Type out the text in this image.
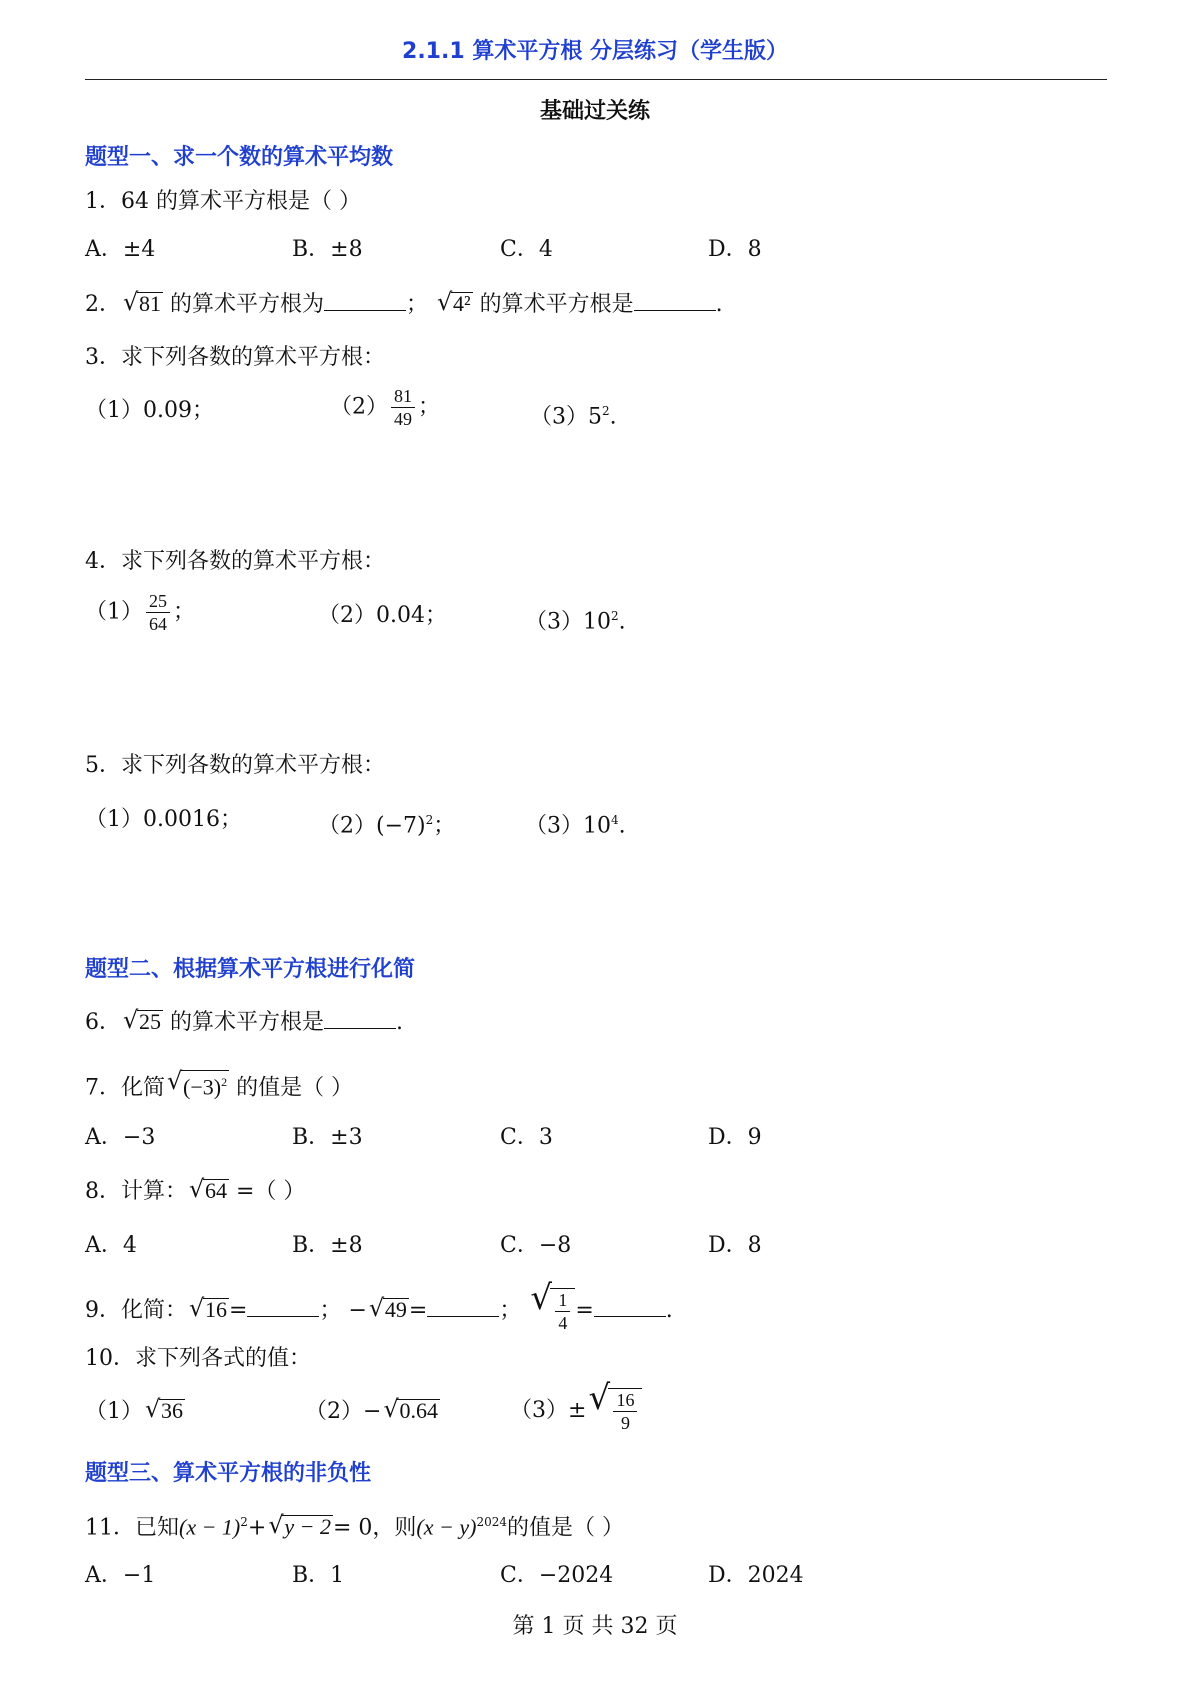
2.1.1 算术平方根 分层练习（学生版）
基础过关练
题型一、求一个数的算术平均数
1．64 的算术平方根是（ ）
A．±4	B．±8	C．4	D．8
2． √ 81 的算术平方根为	； √ 4² 的算术平方根是	.
3．求下列各数的算术平方根：
（1）0.09；	$(2) \frac{81}{49}$ ；	$(3)5^2$.
4．求下列各数的算术平方根：
$(1) \frac{25}{64}$ ；	（2）0.04；	$(3)10^2$.
5．求下列各数的算术平方根：
（1）0.0016；	$(2)(-7)^2$；	$(3)10^4$.
题型二、根据算术平方根进行化简
6． √ 25 的算术平方根是	.
7．化简 √ $(-3)^2$ 的值是（ ）
A．−3	B．±3	C．3	D．9
8．计算： √ 64 =（ ）
A．4	B．±8	C．−8	D．8
9．化简： √ 16=	； − √ 49=	； √ $\frac{1}{4}$ =	.
10．求下列各式的值：
（1） √ 36	（2）− √ 0.64	（3）± √ $\frac{16}{9}$
题型三、算术平方根的非负性
11．已知$(x - 1)^2+$ √ y − 2= 0，则$(x - y)^{2024}$的值是（ ）
A．−1	B．1	C．−2024	D．2024
第 1 页 共 32 页
